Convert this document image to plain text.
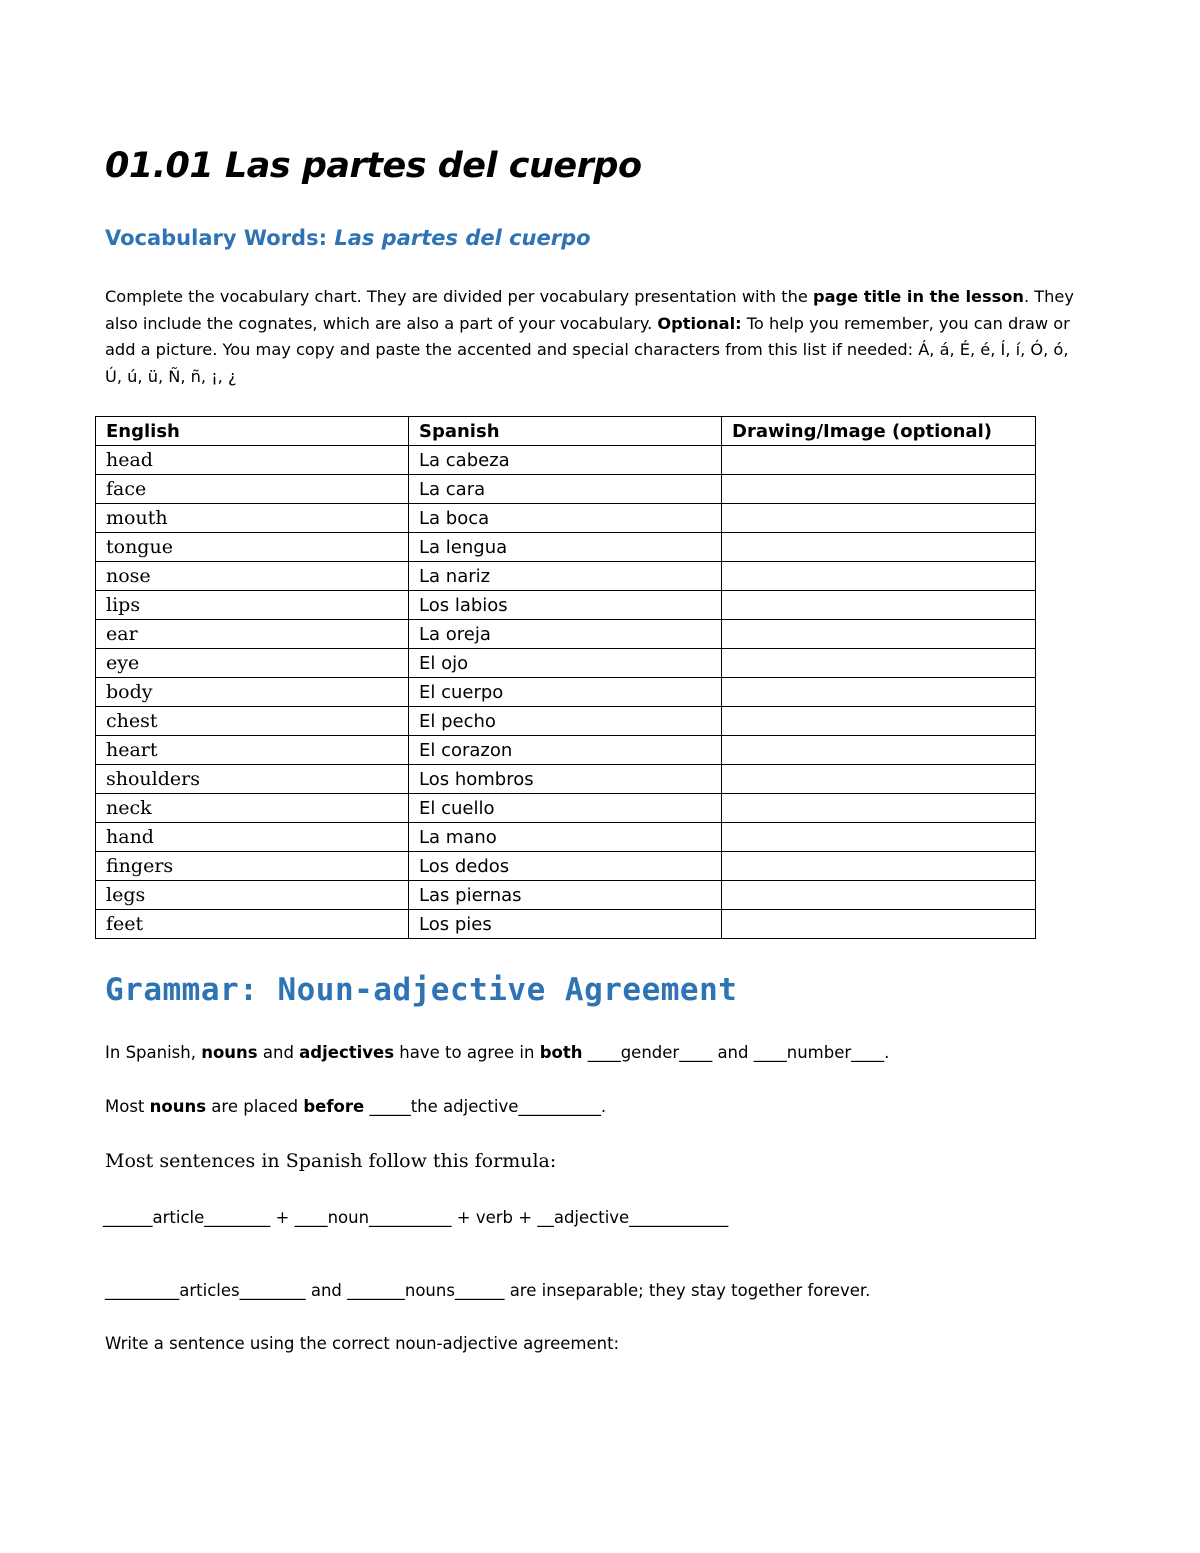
01.01 Las partes del cuerpo
Vocabulary Words: Las partes del cuerpo

Complete the vocabulary chart. They are divided per vocabulary presentation with the page title in the lesson. They also include the cognates, which are also a part of your vocabulary. Optional: To help you remember, you can draw or add a picture. You may copy and paste the accented and special characters from this list if needed: Á, á, É, é, Í, í, Ó, ó, Ú, ú, ü, Ñ, ñ, ¡, ¿

English	Spanish	Drawing/Image (optional)
head	La cabeza	
face	La cara	
mouth	La boca	
tongue	La lengua	
nose	La nariz	
lips	Los labios	
ear	La oreja	
eye	El ojo	
body	El cuerpo	
chest	El pecho	
heart	El corazon	
shoulders	Los hombros	
neck	El cuello	
hand	La mano	
fingers	Los dedos	
legs	Las piernas	
feet	Los pies	
Grammar: Noun-adjective Agreement

In Spanish, nouns and adjectives have to agree in both ____gender____ and ____number____.

Most nouns are placed before _____the adjective__________.

Most sentences in Spanish follow this formula:

______article________ + ____noun__________ + verb + __adjective____________

_________articles________ and _______nouns______ are inseparable; they stay together forever.

Write a sentence using the correct noun-adjective agreement:
